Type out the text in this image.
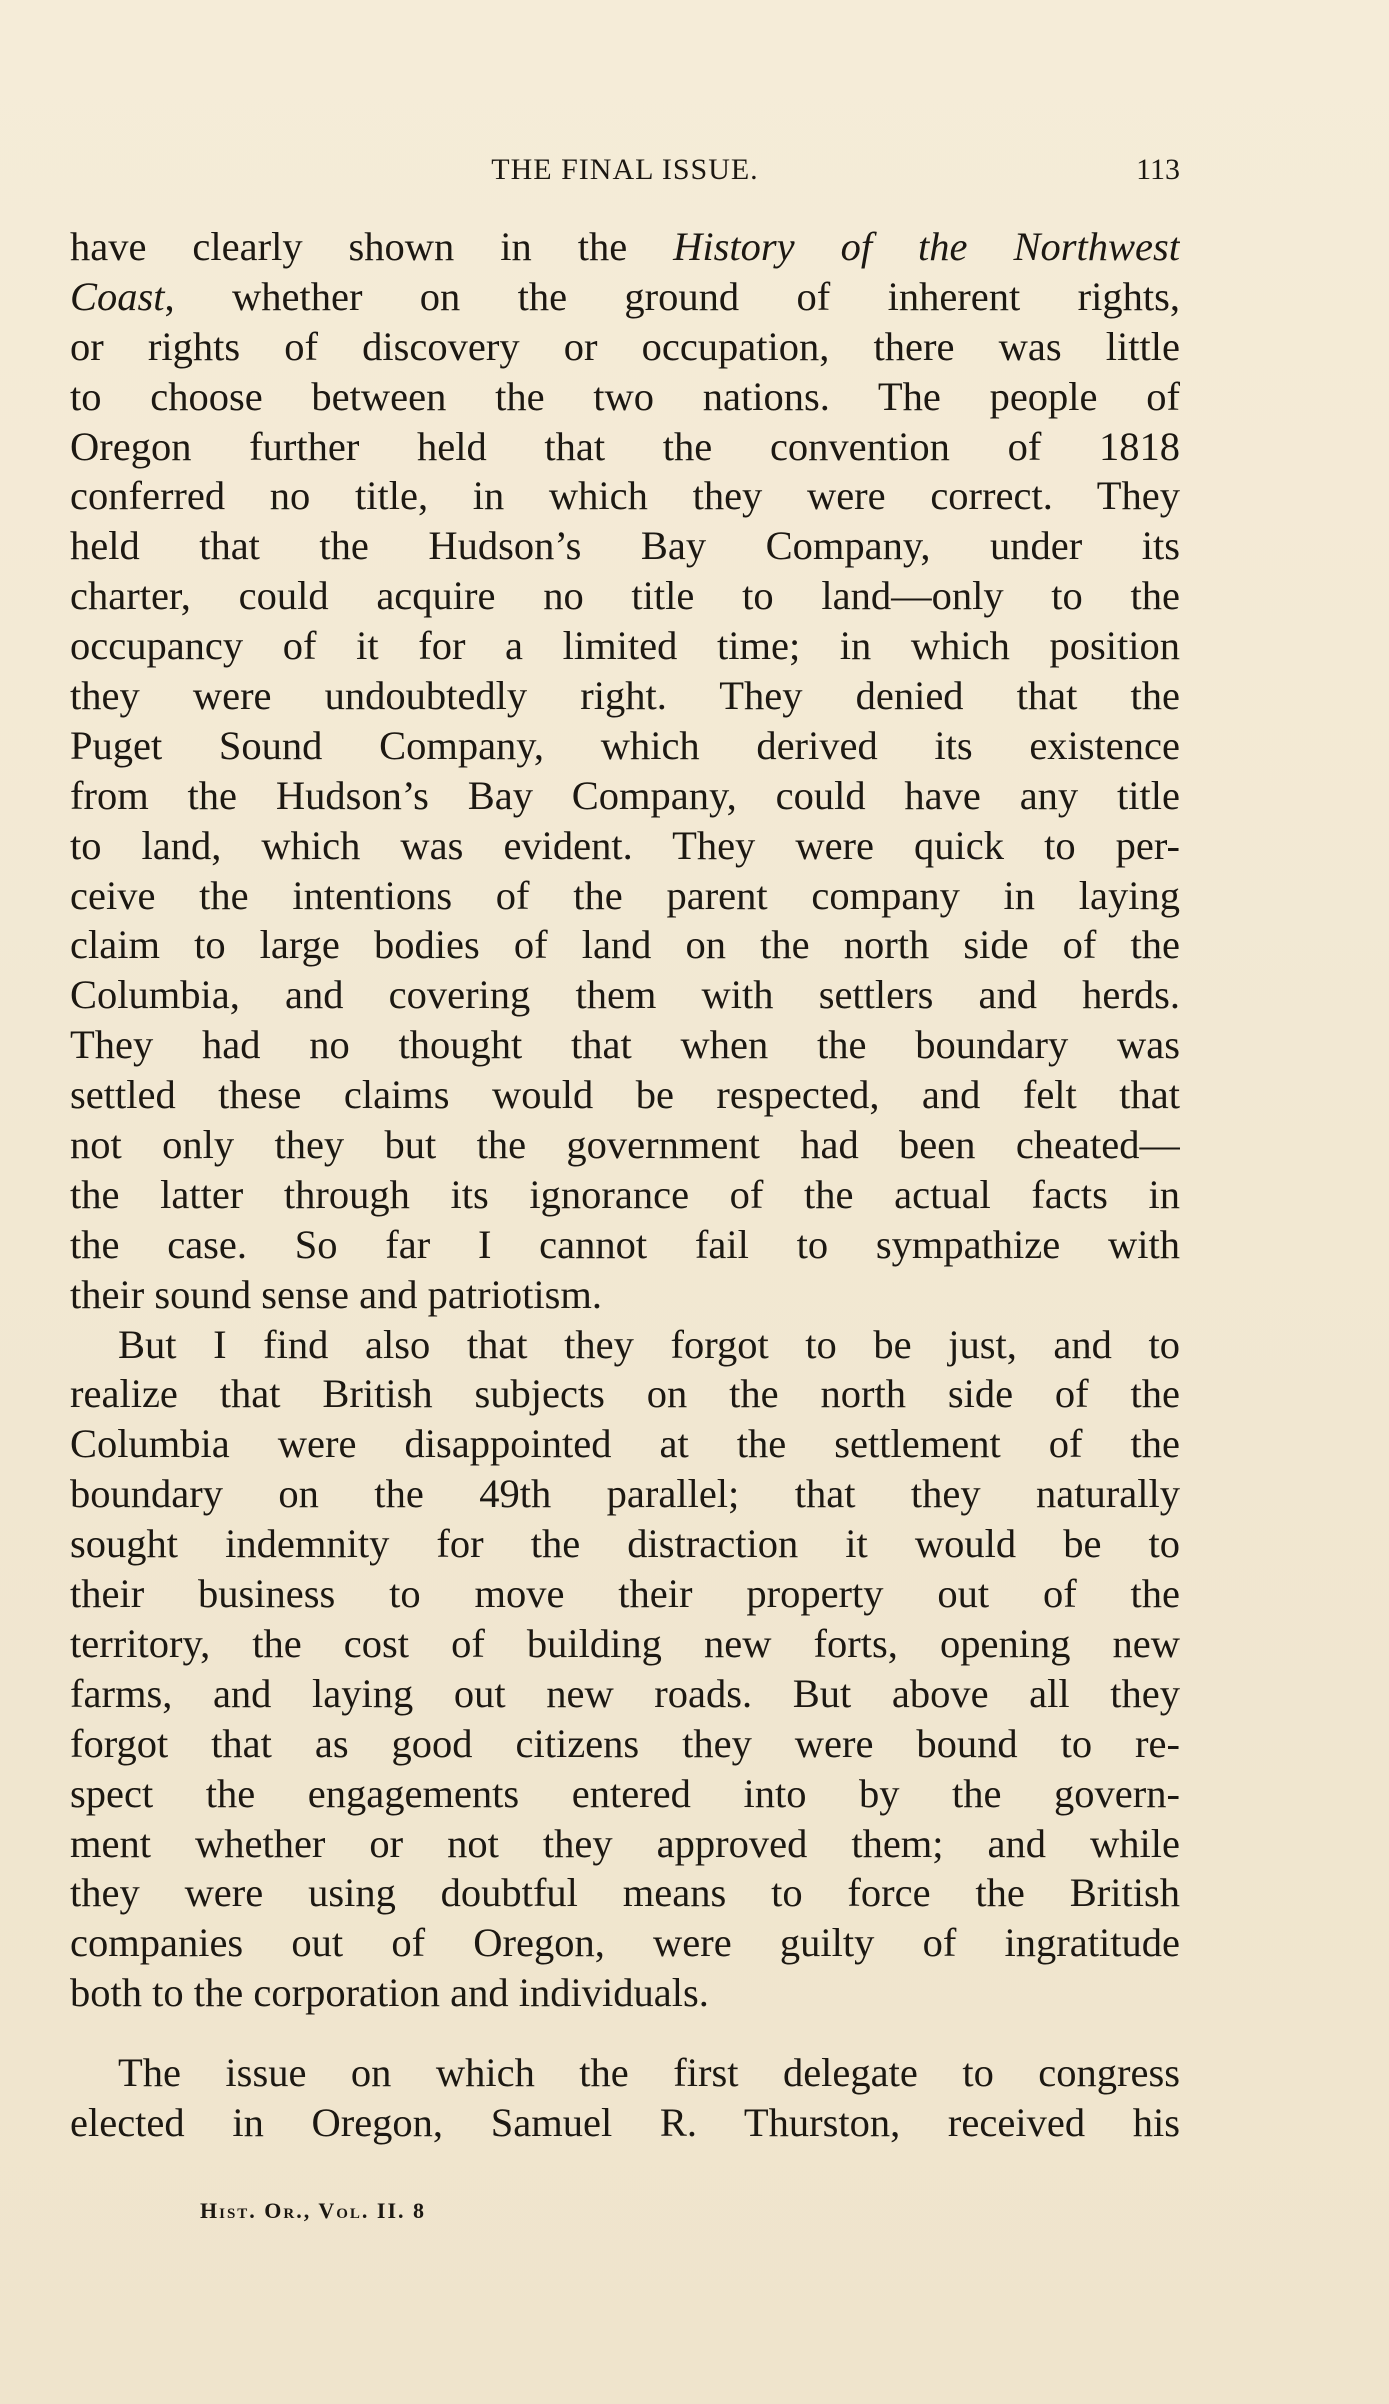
THE FINAL ISSUE.	113
have clearly shown in the History of the Northwest
Coast, whether on the ground of inherent rights,
or rights of discovery or occupation, there was little
to choose between the two nations. The people of
Oregon further held that the convention of 1818
conferred no title, in which they were correct. They
held that the Hudson’s Bay Company, under its
charter, could acquire no title to land—only to the
occupancy of it for a limited time; in which position
they were undoubtedly right. They denied that the
Puget Sound Company, which derived its existence
from the Hudson’s Bay Company, could have any title
to land, which was evident. They were quick to per-
ceive the intentions of the parent company in laying
claim to large bodies of land on the north side of the
Columbia, and covering them with settlers and herds.
They had no thought that when the boundary was
settled these claims would be respected, and felt that
not only they but the government had been cheated—
the latter through its ignorance of the actual facts in
the case. So far I cannot fail to sympathize with
their sound sense and patriotism.
But I find also that they forgot to be just, and to
realize that British subjects on the north side of the
Columbia were disappointed at the settlement of the
boundary on the 49th parallel; that they naturally
sought indemnity for the distraction it would be to
their business to move their property out of the
territory, the cost of building new forts, opening new
farms, and laying out new roads. But above all they
forgot that as good citizens they were bound to re-
spect the engagements entered into by the govern-
ment whether or not they approved them; and while
they were using doubtful means to force the British
companies out of Oregon, were guilty of ingratitude
both to the corporation and individuals.
The issue on which the first delegate to congress
elected in Oregon, Samuel R. Thurston, received his
Hist. Or., Vol. II. 8
